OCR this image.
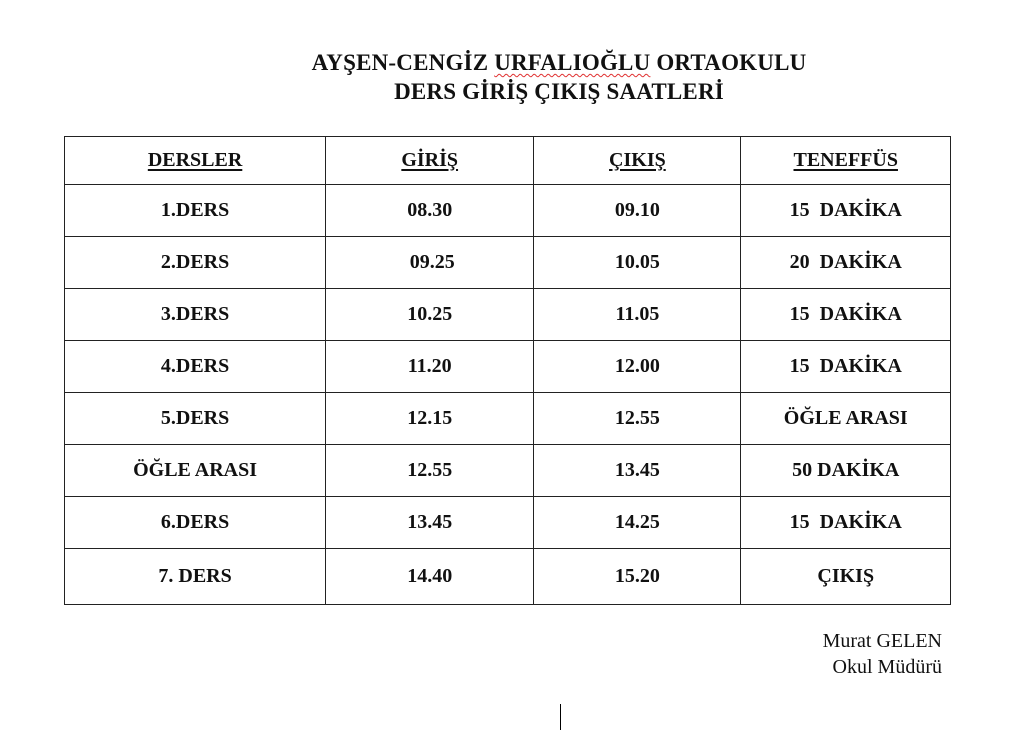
AYŞEN-CENGİZ URFALIOĞLU ORTAOKULU
DERS GİRİŞ ÇIKIŞ SAATLERİ
DERSLER	GİRİŞ	ÇIKIŞ	TENEFFÜS
1.DERS	08.30	09.10	15  DAKİKA
2.DERS	09.25	10.05	20  DAKİKA
3.DERS	10.25	11.05	15  DAKİKA
4.DERS	11.20	12.00	15  DAKİKA
5.DERS	12.15	12.55	ÖĞLE ARASI
ÖĞLE ARASI	12.55	13.45	50 DAKİKA
6.DERS	13.45	14.25	15  DAKİKA
7. DERS	14.40	15.20	ÇIKIŞ
Murat GELEN
Okul Müdürü
